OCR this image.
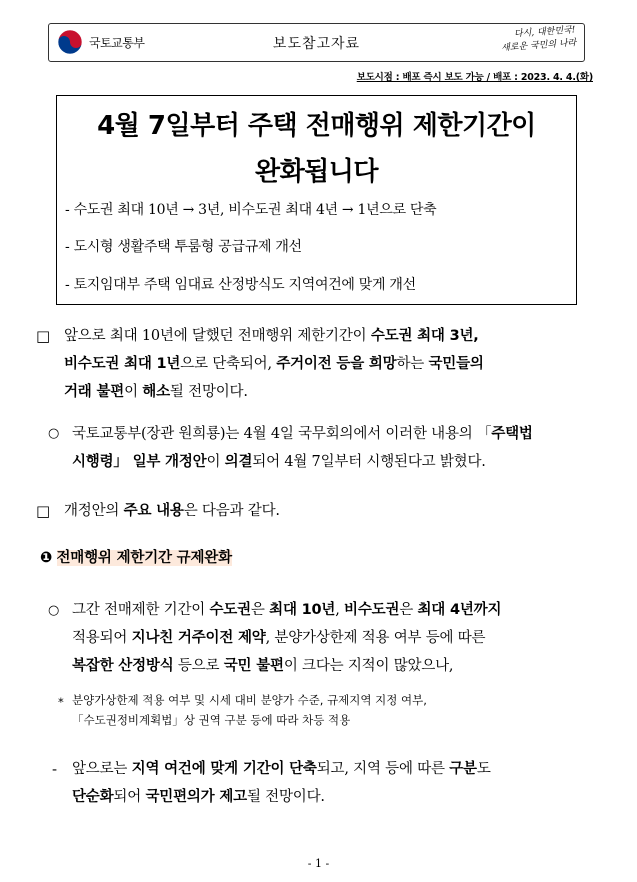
국토교통부	보도참고자료
다시, 대한민국!
새로운 국민의 나라
보도시점 : 배포 즉시 보도 가능 / 배포 : 2023. 4. 4.(화)
4월 7일부터 주택 전매행위 제한기간이
완화됩니다
- 수도권 최대 10년 → 3년, 비수도권 최대 4년 → 1년으로 단축
- 도시형 생활주택 투룸형 공급규제 개선
- 토지임대부 주택 임대료 산정방식도 지역여건에 맞게 개선
□ 앞으로 최대 10년에 달했던 전매행위 제한기간이 수도권 최대 3년,
비수도권 최대 1년으로 단축되어, 주거이전 등을 희망하는 국민들의
거래 불편이 해소될 전망이다.
○ 국토교통부(장관 원희룡)는 4월 4일 국무회의에서 이러한 내용의 「주택법
시행령」 일부 개정안이 의결되어 4월 7일부터 시행된다고 밝혔다.
□ 개정안의 주요 내용은 다음과 같다.
❶ 전매행위 제한기간 규제완화
○ 그간 전매제한 기간이 수도권은 최대 10년, 비수도권은 최대 4년까지
적용되어 지나친 거주이전 제약, 분양가상한제 적용 여부 등에 따른
복잡한 산정방식 등으로 국민 불편이 크다는 지적이 많았으나,
* 분양가상한제 적용 여부 및 시세 대비 분양가 수준, 규제지역 지정 여부,
「수도권정비계획법」상 권역 구분 등에 따라 차등 적용
- 앞으로는 지역 여건에 맞게 기간이 단축되고, 지역 등에 따른 구분도
단순화되어 국민편의가 제고될 전망이다.
- 1 -
